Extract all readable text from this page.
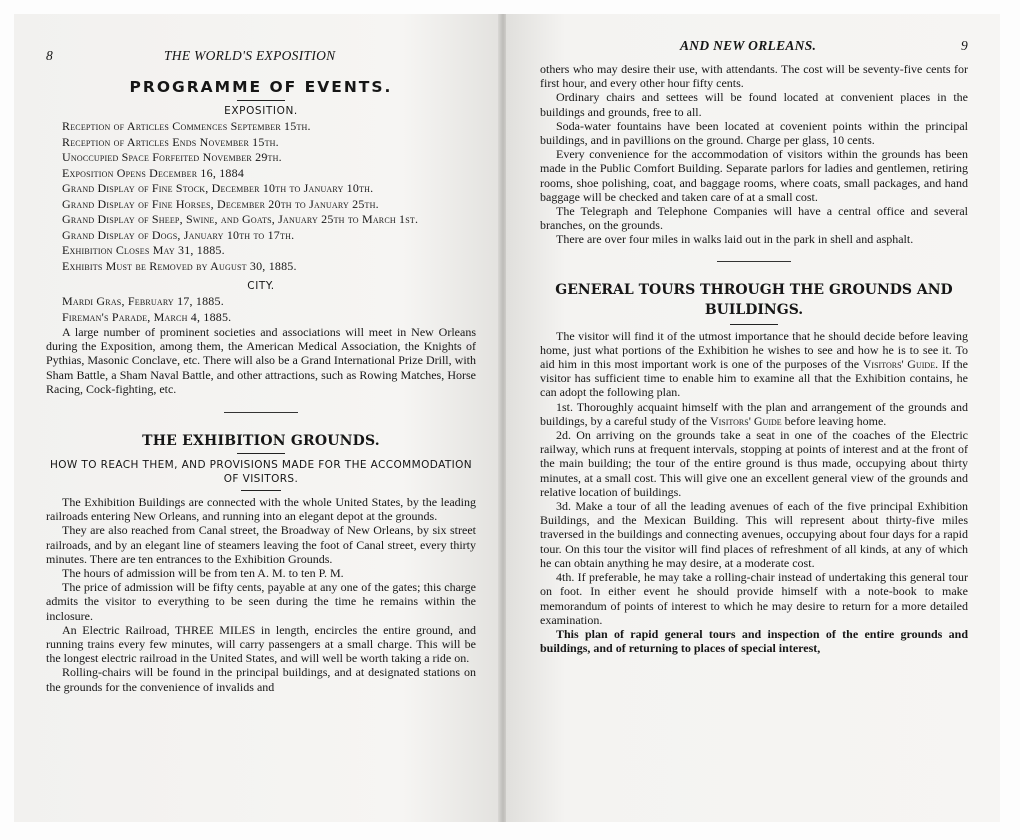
8	THE WORLD'S EXPOSITION
PROGRAMME OF EVENTS.
EXPOSITION.
Reception of Articles Commences September 15th.
Reception of Articles Ends November 15th.
Unoccupied Space Forfeited November 29th.
Exposition Opens December 16, 1884
Grand Display of Fine Stock, December 10th to January 10th.
Grand Display of Fine Horses, December 20th to January 25th.
Grand Display of Sheep, Swine, and Goats, January 25th to March 1st.
Grand Display of Dogs, January 10th to 17th.
Exhibition Closes May 31, 1885.
Exhibits Must be Removed by August 30, 1885.
CITY.
Mardi Gras, February 17, 1885.
Fireman's Parade, March 4, 1885.

A large number of prominent societies and associations will meet in New Orleans during the Exposition, among them, the American Medical Association, the Knights of Pythias, Masonic Conclave, etc. There will also be a Grand International Prize Drill, with Sham Battle, a Sham Naval Battle, and other attractions, such as Rowing Matches, Horse Racing, Cock-fighting, etc.

THE EXHIBITION GROUNDS.
HOW TO REACH THEM, AND PROVISIONS MADE FOR THE ACCOMMODATION OF VISITORS.

The Exhibition Buildings are connected with the whole United States, by the leading railroads entering New Orleans, and running into an elegant depot at the grounds.

They are also reached from Canal street, the Broadway of New Orleans, by six street railroads, and by an elegant line of steamers leaving the foot of Canal street, every thirty minutes. There are ten entrances to the Exhibition Grounds.

The hours of admission will be from ten A. M. to ten P. M.

The price of admission will be fifty cents, payable at any one of the gates; this charge admits the visitor to everything to be seen during the time he remains within the inclosure.

An Electric Railroad, THREE MILES in length, encircles the entire ground, and running trains every few minutes, will carry passengers at a small charge. This will be the longest electric railroad in the United States, and will well be worth taking a ride on.

Rolling-chairs will be found in the principal buildings, and at designated stations on the grounds for the convenience of invalids and

AND NEW ORLEANS.	9

others who may desire their use, with attendants. The cost will be seventy-five cents for first hour, and every other hour fifty cents.

Ordinary chairs and settees will be found located at convenient places in the buildings and grounds, free to all.

Soda-water fountains have been located at covenient points within the principal buildings, and in pavillions on the ground. Charge per glass, 10 cents.

Every convenience for the accommodation of visitors within the grounds has been made in the Public Comfort Building. Separate parlors for ladies and gentlemen, retiring rooms, shoe polishing, coat, and baggage rooms, where coats, small packages, and hand baggage will be checked and taken care of at a small cost.

The Telegraph and Telephone Companies will have a central office and several branches, on the grounds.

There are over four miles in walks laid out in the park in shell and asphalt.

GENERAL TOURS THROUGH THE GROUNDS AND BUILDINGS.

The visitor will find it of the utmost importance that he should decide before leaving home, just what portions of the Exhibition he wishes to see and how he is to see it. To aid him in this most important work is one of the purposes of the Visitors' Guide. If the visitor has sufficient time to enable him to examine all that the Exhibition contains, he can adopt the following plan.

1st. Thoroughly acquaint himself with the plan and arrangement of the grounds and buildings, by a careful study of the Visitors' Guide before leaving home.

2d. On arriving on the grounds take a seat in one of the coaches of the Electric railway, which runs at frequent intervals, stopping at points of interest and at the front of the main building; the tour of the entire ground is thus made, occupying about thirty minutes, at a small cost. This will give one an excellent general view of the grounds and relative location of buildings.

3d. Make a tour of all the leading avenues of each of the five principal Exhibition Buildings, and the Mexican Building. This will represent about thirty-five miles traversed in the buildings and connecting avenues, occupying about four days for a rapid tour. On this tour the visitor will find places of refreshment of all kinds, at any of which he can obtain anything he may desire, at a moderate cost.

4th. If preferable, he may take a rolling-chair instead of undertaking this general tour on foot. In either event he should provide himself with a note-book to make memorandum of points of interest to which he may desire to return for a more detailed examination.

This plan of rapid general tours and inspection of the entire grounds and buildings, and of returning to places of special interest,
